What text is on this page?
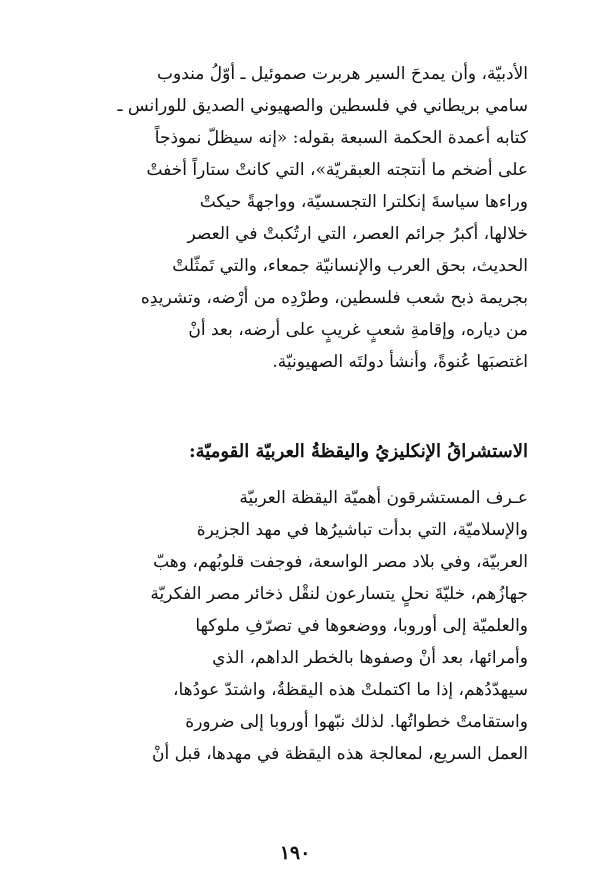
الأدبيّة، وأن يمدحَ السير هربرت صموئيل ـ أوّلُ مندوب
سامي بريطاني في فلسطين والصهيوني الصديق للورانس ـ
كتابه أعمدة الحكمة السبعة بقوله: «إنه سيظلّ نموذجاً
على أضخم ما أنتجته العبقريّة»، التي كانتْ ستاراً أخفتْ
وراءها سياسةَ إنكلترا التجسسيّة، وواجهةً حيكتْ
خلالها، أكبرُ جرائم العصر، التي ارتُكبتْ في العصر
الحديث، بحق العرب والإنسانيّة جمعاء، والتي تَمثّلتْ
بجريمة ذبح شعب فلسطين، وطرْدِه من أرْضه، وتشريدِه
من دياره، وإقامةِ شعبٍ غريبٍ على أرضه، بعد أنْ
اغتصبَها عُنوةً، وأنشأ دولتَه الصهيونيّة.
الاستشراقُ الإنكليزيُ واليقظةُ العربيّة القوميّة:
عـرف المستشرقون أهميّة اليقظة العربيّة
والإسلاميّة، التي بدأت تباشيرُها في مهد الجزيرة
العربيّة، وفي بلاد مصر الواسعة، فوجفت قلوبُهم، وهبّ
جهازُهم، خليّةَ نحلٍ يتسارعون لنقْل ذخائر مصر الفكريّة
والعلميّة إلى أوروبا، ووضعوها في تصرّفِ ملوكها
وأمرائها، بعد أنْ وصفوها بالخطر الداهم، الذي
سيهدّدُهم، إذا ما اكتملتْ هذه اليقظةُ، واشتدّ عودُها،
واستقامتْ خطواتُها. لذلك نبّهوا أوروبا إلى ضرورة
العمل السريع، لمعالجة هذه اليقظة في مهدها، قبل أنْ
١٩٠
